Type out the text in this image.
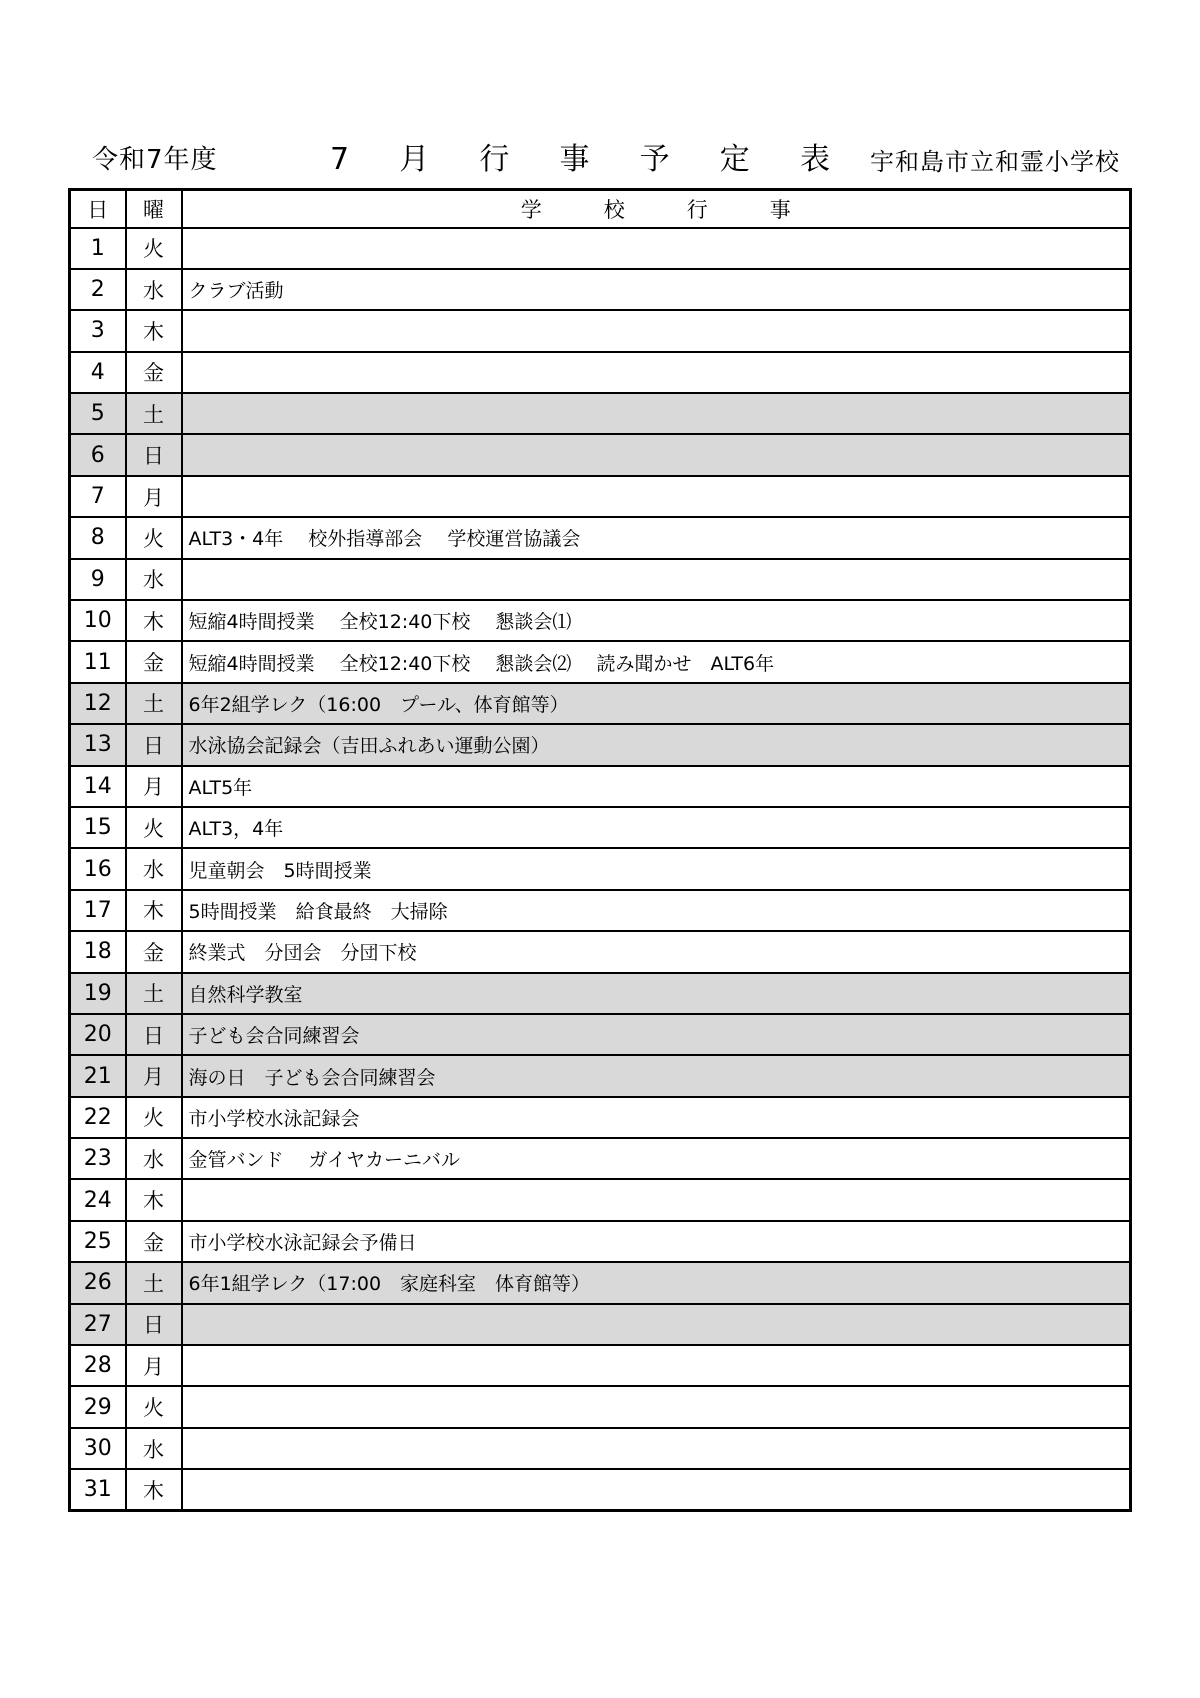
令和7年度	7 月 行 事 予 定 表 宇和島市立和霊小学校
日	曜	学 校 行 事

1	火	
2	水	クラブ活動
3	木	
4	金	
5	土	
6	日	
7	月	
8	火	ALT3・4年　 校外指導部会　 学校運営協議会
9	水	
10	木	短縮4時間授業　 全校12:40下校　 懇談会⑴
11	金	短縮4時間授業　 全校12:40下校　 懇談会⑵　 読み聞かせ　ALT6年
12	土	6年2組学レク（16:00　プール、体育館等）
13	日	水泳協会記録会（吉田ふれあい運動公園）
14	月	ALT5年
15	火	ALT3，4年
16	水	児童朝会　5時間授業
17	木	5時間授業　給食最終　大掃除
18	金	終業式　分団会　分団下校
19	土	自然科学教室
20	日	子ども会合同練習会
21	月	海の日　子ども会合同練習会
22	火	市小学校水泳記録会
23	水	金管バンド　 ガイヤカーニバル
24	木	
25	金	市小学校水泳記録会予備日
26	土	6年1組学レク（17:00　家庭科室　体育館等）
27	日	
28	月	
29	火	
30	水	
31	木	
